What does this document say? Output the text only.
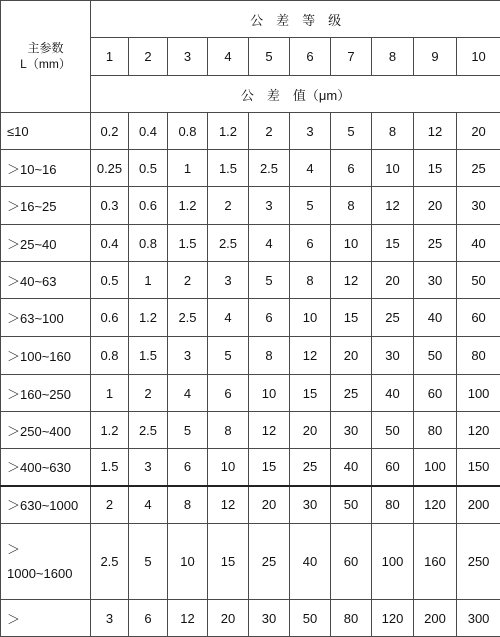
主参数
L（mm）	公　差　等　级									
	1	2	3	4	5	6	7	8	9	10
	公　差　值（μm）									
≤10	0.2	0.4	0.8	1.2	2	3	5	8	12	20
＞10~16	0.25	0.5	1	1.5	2.5	4	6	10	15	25
＞16~25	0.3	0.6	1.2	2	3	5	8	12	20	30
＞25~40	0.4	0.8	1.5	2.5	4	6	10	15	25	40
＞40~63	0.5	1	2	3	5	8	12	20	30	50
＞63~100	0.6	1.2	2.5	4	6	10	15	25	40	60
＞100~160	0.8	1.5	3	5	8	12	20	30	50	80
＞160~250	1	2	4	6	10	15	25	40	60	100
＞250~400	1.2	2.5	5	8	12	20	30	50	80	120
＞400~630	1.5	3	6	10	15	25	40	60	100	150
＞630~1000	2	4	8	12	20	30	50	80	120	200

＞
1000~1600	2.5	5	10	15	25	40	60	100	160	250
＞	3	6	12	20	30	50	80	120	200	300
